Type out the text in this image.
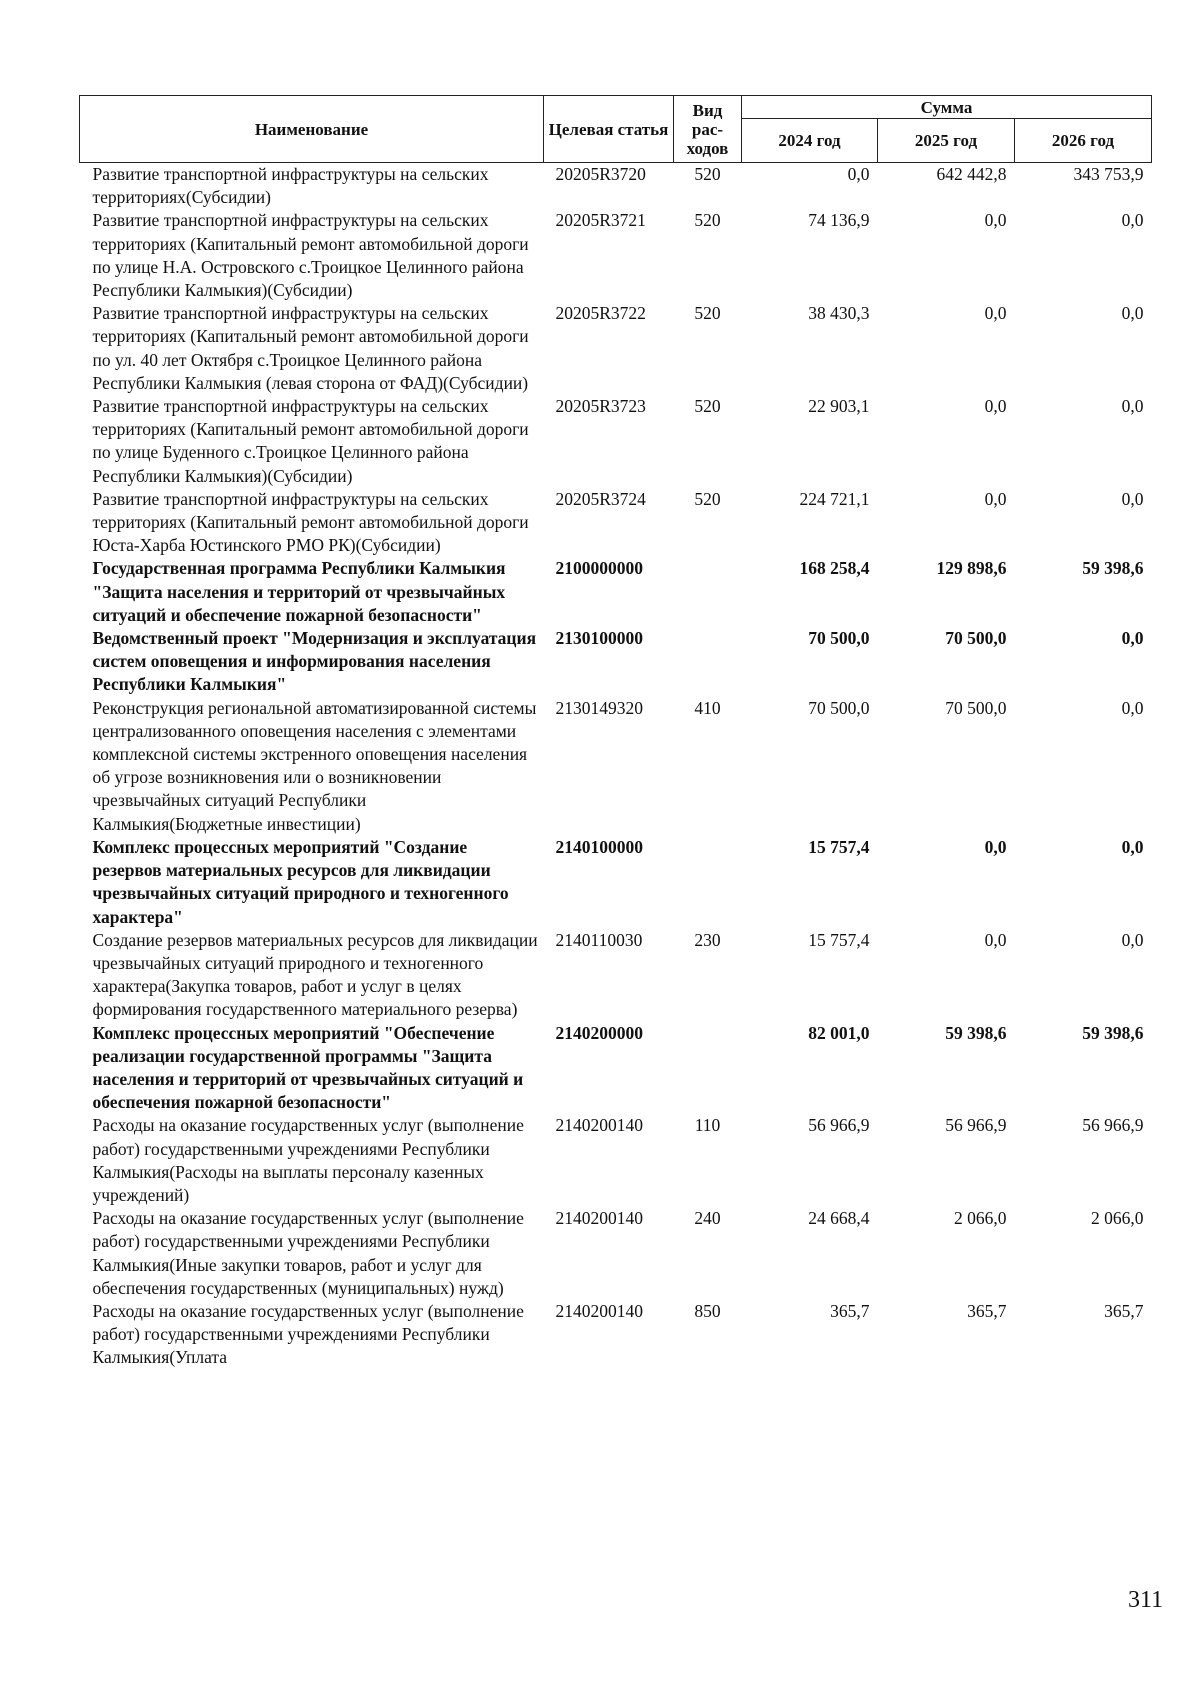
Наименование	Целевая статья	Вид рас-ходов	Сумма		
			2024 год	2025 год	2026 год
Развитие транспортной инфраструктуры на сельских территориях(Субсидии)	20205R3720	520	0,0	642 442,8	343 753,9
Развитие транспортной инфраструктуры на сельских территориях (Капитальный ремонт автомобильной дороги по улице Н.А. Островского с.Троицкое Целинного района Республики Калмыкия)(Субсидии)	20205R3721	520	74 136,9	0,0	0,0
Развитие транспортной инфраструктуры на сельских территориях (Капитальный ремонт автомобильной дороги по ул. 40 лет Октября с.Троицкое Целинного района Республики Калмыкия (левая сторона от ФАД)(Субсидии)	20205R3722	520	38 430,3	0,0	0,0
Развитие транспортной инфраструктуры на сельских территориях (Капитальный ремонт автомобильной дороги по улице Буденного с.Троицкое Целинного района Республики Калмыкия)(Субсидии)	20205R3723	520	22 903,1	0,0	0,0
Развитие транспортной инфраструктуры на сельских территориях (Капитальный ремонт автомобильной дороги Юста-Харба Юстинского РМО РК)(Субсидии)	20205R3724	520	224 721,1	0,0	0,0
Государственная программа Республики Калмыкия "Защита населения и территорий от чрезвычайных ситуаций и обеспечение пожарной безопасности"	2100000000		168 258,4	129 898,6	59 398,6
Ведомственный проект "Модернизация и эксплуатация систем оповещения и информирования населения Республики Калмыкия"	2130100000		70 500,0	70 500,0	0,0
Реконструкция региональной автоматизированной системы централизованного оповещения населения с элементами комплексной системы экстренного оповещения населения об угрозе возникновения или о возникновении чрезвычайных ситуаций Республики Калмыкия(Бюджетные инвестиции)	2130149320	410	70 500,0	70 500,0	0,0
Комплекс процессных мероприятий "Создание резервов материальных ресурсов для ликвидации чрезвычайных ситуаций природного и техногенного характера"	2140100000		15 757,4	0,0	0,0
Создание резервов материальных ресурсов для ликвидации чрезвычайных ситуаций природного и техногенного характера(Закупка товаров, работ и услуг в целях формирования государственного материального резерва)	2140110030	230	15 757,4	0,0	0,0
Комплекс процессных мероприятий "Обеспечение реализации государственной программы "Защита населения и территорий от чрезвычайных ситуаций и обеспечения пожарной безопасности"	2140200000		82 001,0	59 398,6	59 398,6
Расходы на оказание государственных услуг (выполнение работ) государственными учреждениями Республики Калмыкия(Расходы на выплаты персоналу казенных учреждений)	2140200140	110	56 966,9	56 966,9	56 966,9
Расходы на оказание государственных услуг (выполнение работ) государственными учреждениями Республики Калмыкия(Иные закупки товаров, работ и услуг для обеспечения государственных (муниципальных) нужд)	2140200140	240	24 668,4	2 066,0	2 066,0
Расходы на оказание государственных услуг (выполнение работ) государственными учреждениями Республики Калмыкия(Уплата	2140200140	850	365,7	365,7	365,7
311
